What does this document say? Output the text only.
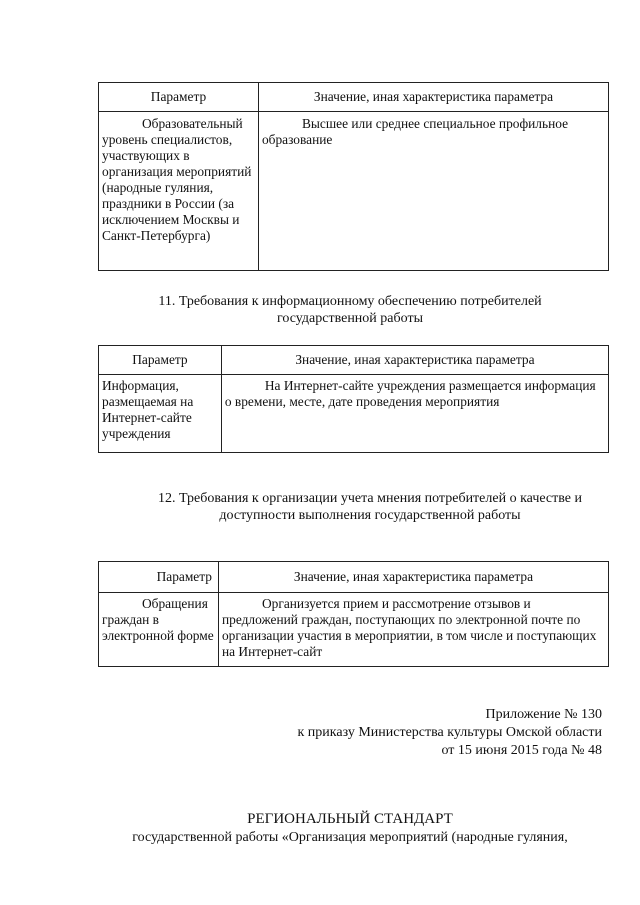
Параметр	Значение, иная характеристика параметра
Образовательный уровень специалистов, участвующих в организация мероприятий (народные гуляния, праздники в России (за исключением Москвы и Санкт-Петербурга)	Высшее или среднее специальное профильное образование
11. Требования к информационному обеспечению потребителей государственной работы
Параметр	Значение, иная характеристика параметра
Информация, размещаемая на Интернет-сайте учреждения	На Интернет-сайте учреждения размещается информация о времени, месте, дате проведения мероприятия
12. Требования к организации учета мнения потребителей о качестве и доступности выполнения государственной работы
Параметр	Значение, иная характеристика параметра
Обращения граждан в электронной форме	Организуется прием и рассмотрение отзывов и предложений граждан, поступающих по электронной почте по организации участия в мероприятии, в том числе и поступающих на Интернет-сайт
Приложение № 130
к приказу Министерства культуры Омской области
от 15 июня 2015 года № 48
РЕГИОНАЛЬНЫЙ СТАНДАРТ
государственной работы «Организация мероприятий (народные гуляния,
